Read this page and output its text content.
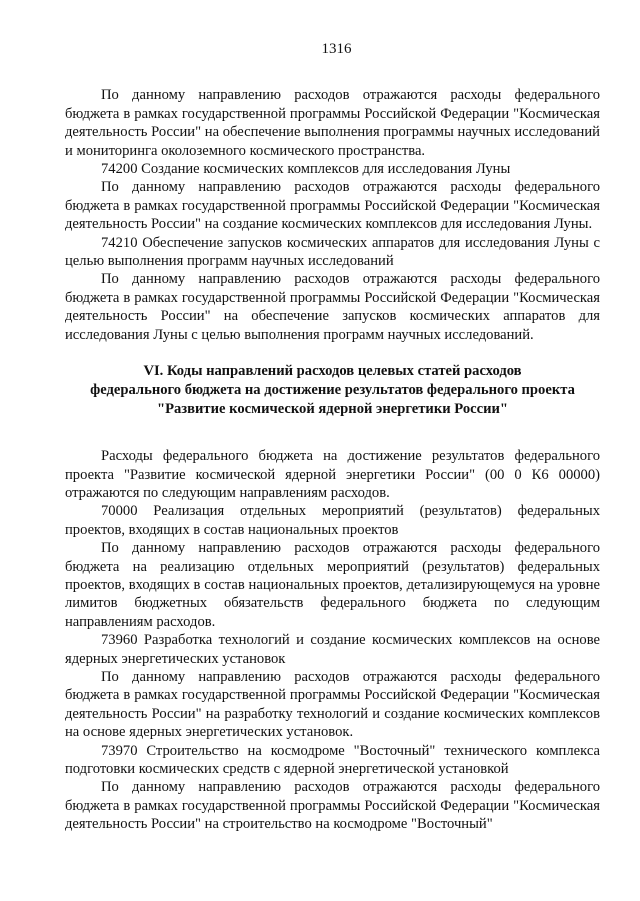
1316

По данному направлению расходов отражаются расходы федерального бюджета в рамках государственной программы Российской Федерации "Космическая деятельность России" на обеспечение выполнения программы научных исследований и мониторинга околоземного космического пространства.

74200 Создание космических комплексов для исследования Луны

По данному направлению расходов отражаются расходы федерального бюджета в рамках государственной программы Российской Федерации "Космическая деятельность России" на создание космических комплексов для исследования Луны.

74210 Обеспечение запусков космических аппаратов для исследования Луны с целью выполнения программ научных исследований

По данному направлению расходов отражаются расходы федерального бюджета в рамках государственной программы Российской Федерации "Космическая деятельность России" на обеспечение запусков космических аппаратов для исследования Луны с целью выполнения программ научных исследований.

VI. Коды направлений расходов целевых статей расходов
федерального бюджета на достижение результатов федерального проекта
"Развитие космической ядерной энергетики России"

Расходы федерального бюджета на достижение результатов федерального проекта "Развитие космической ядерной энергетики России" (00 0 К6 00000) отражаются по следующим направлениям расходов.

70000 Реализация отдельных мероприятий (результатов) федеральных проектов, входящих в состав национальных проектов

По данному направлению расходов отражаются расходы федерального бюджета на реализацию отдельных мероприятий (результатов) федеральных проектов, входящих в состав национальных проектов, детализирующемуся на уровне лимитов бюджетных обязательств федерального бюджета по следующим направлениям расходов.

73960 Разработка технологий и создание космических комплексов на основе ядерных энергетических установок

По данному направлению расходов отражаются расходы федерального бюджета в рамках государственной программы Российской Федерации "Космическая деятельность России" на разработку технологий и создание космических комплексов на основе ядерных энергетических установок.

73970 Строительство на космодроме "Восточный" технического комплекса подготовки космических средств с ядерной энергетической установкой

По данному направлению расходов отражаются расходы федерального бюджета в рамках государственной программы Российской Федерации "Космическая деятельность России" на строительство на космодроме "Восточный"
